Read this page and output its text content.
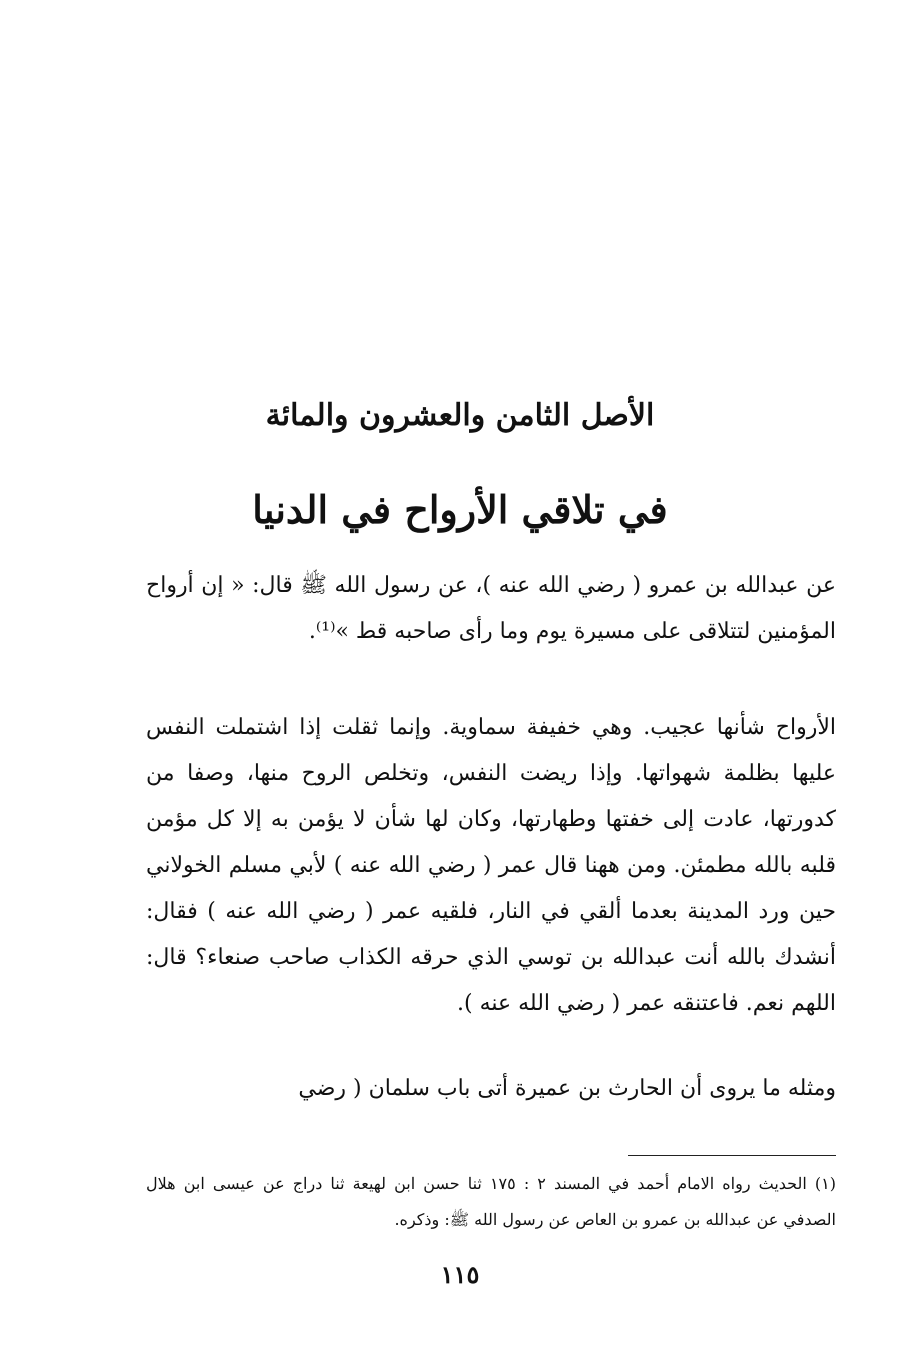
الأصل الثامن والعشرون والمائة
في تلاقي الأرواح في الدنيا

عن عبدالله بن عمرو ( رضي الله عنه )، عن رسول الله ﷺ قال: « إن أرواح المؤمنين لتتلاقى على مسيرة يوم وما رأى صاحبه قط »⁽¹⁾.

الأرواح شأنها عجيب. وهي خفيفة سماوية. وإنما ثقلت إذا اشتملت النفس عليها بظلمة شهواتها. وإذا ريضت النفس، وتخلص الروح منها، وصفا من كدورتها، عادت إلى خفتها وطهارتها، وكان لها شأن لا يؤمن به إلا كل مؤمن قلبه بالله مطمئن. ومن ههنا قال عمر ( رضي الله عنه ) لأبي مسلم الخولاني حين ورد المدينة بعدما ألقي في النار، فلقيه عمر ( رضي الله عنه ) فقال: أنشدك بالله أنت عبدالله بن توسي الذي حرقه الكذاب صاحب صنعاء؟ قال: اللهم نعم. فاعتنقه عمر ( رضي الله عنه ).

ومثله ما يروى أن الحارث بن عميرة أتى باب سلمان ( رضي

(١) الحديث رواه الامام أحمد في المسند ٢ : ١٧٥ ثنا حسن ابن لهيعة ثنا دراج عن عيسى ابن هلال الصدفي عن عبدالله بن عمرو بن العاص عن رسول الله ﷺ: وذكره.

١١٥
